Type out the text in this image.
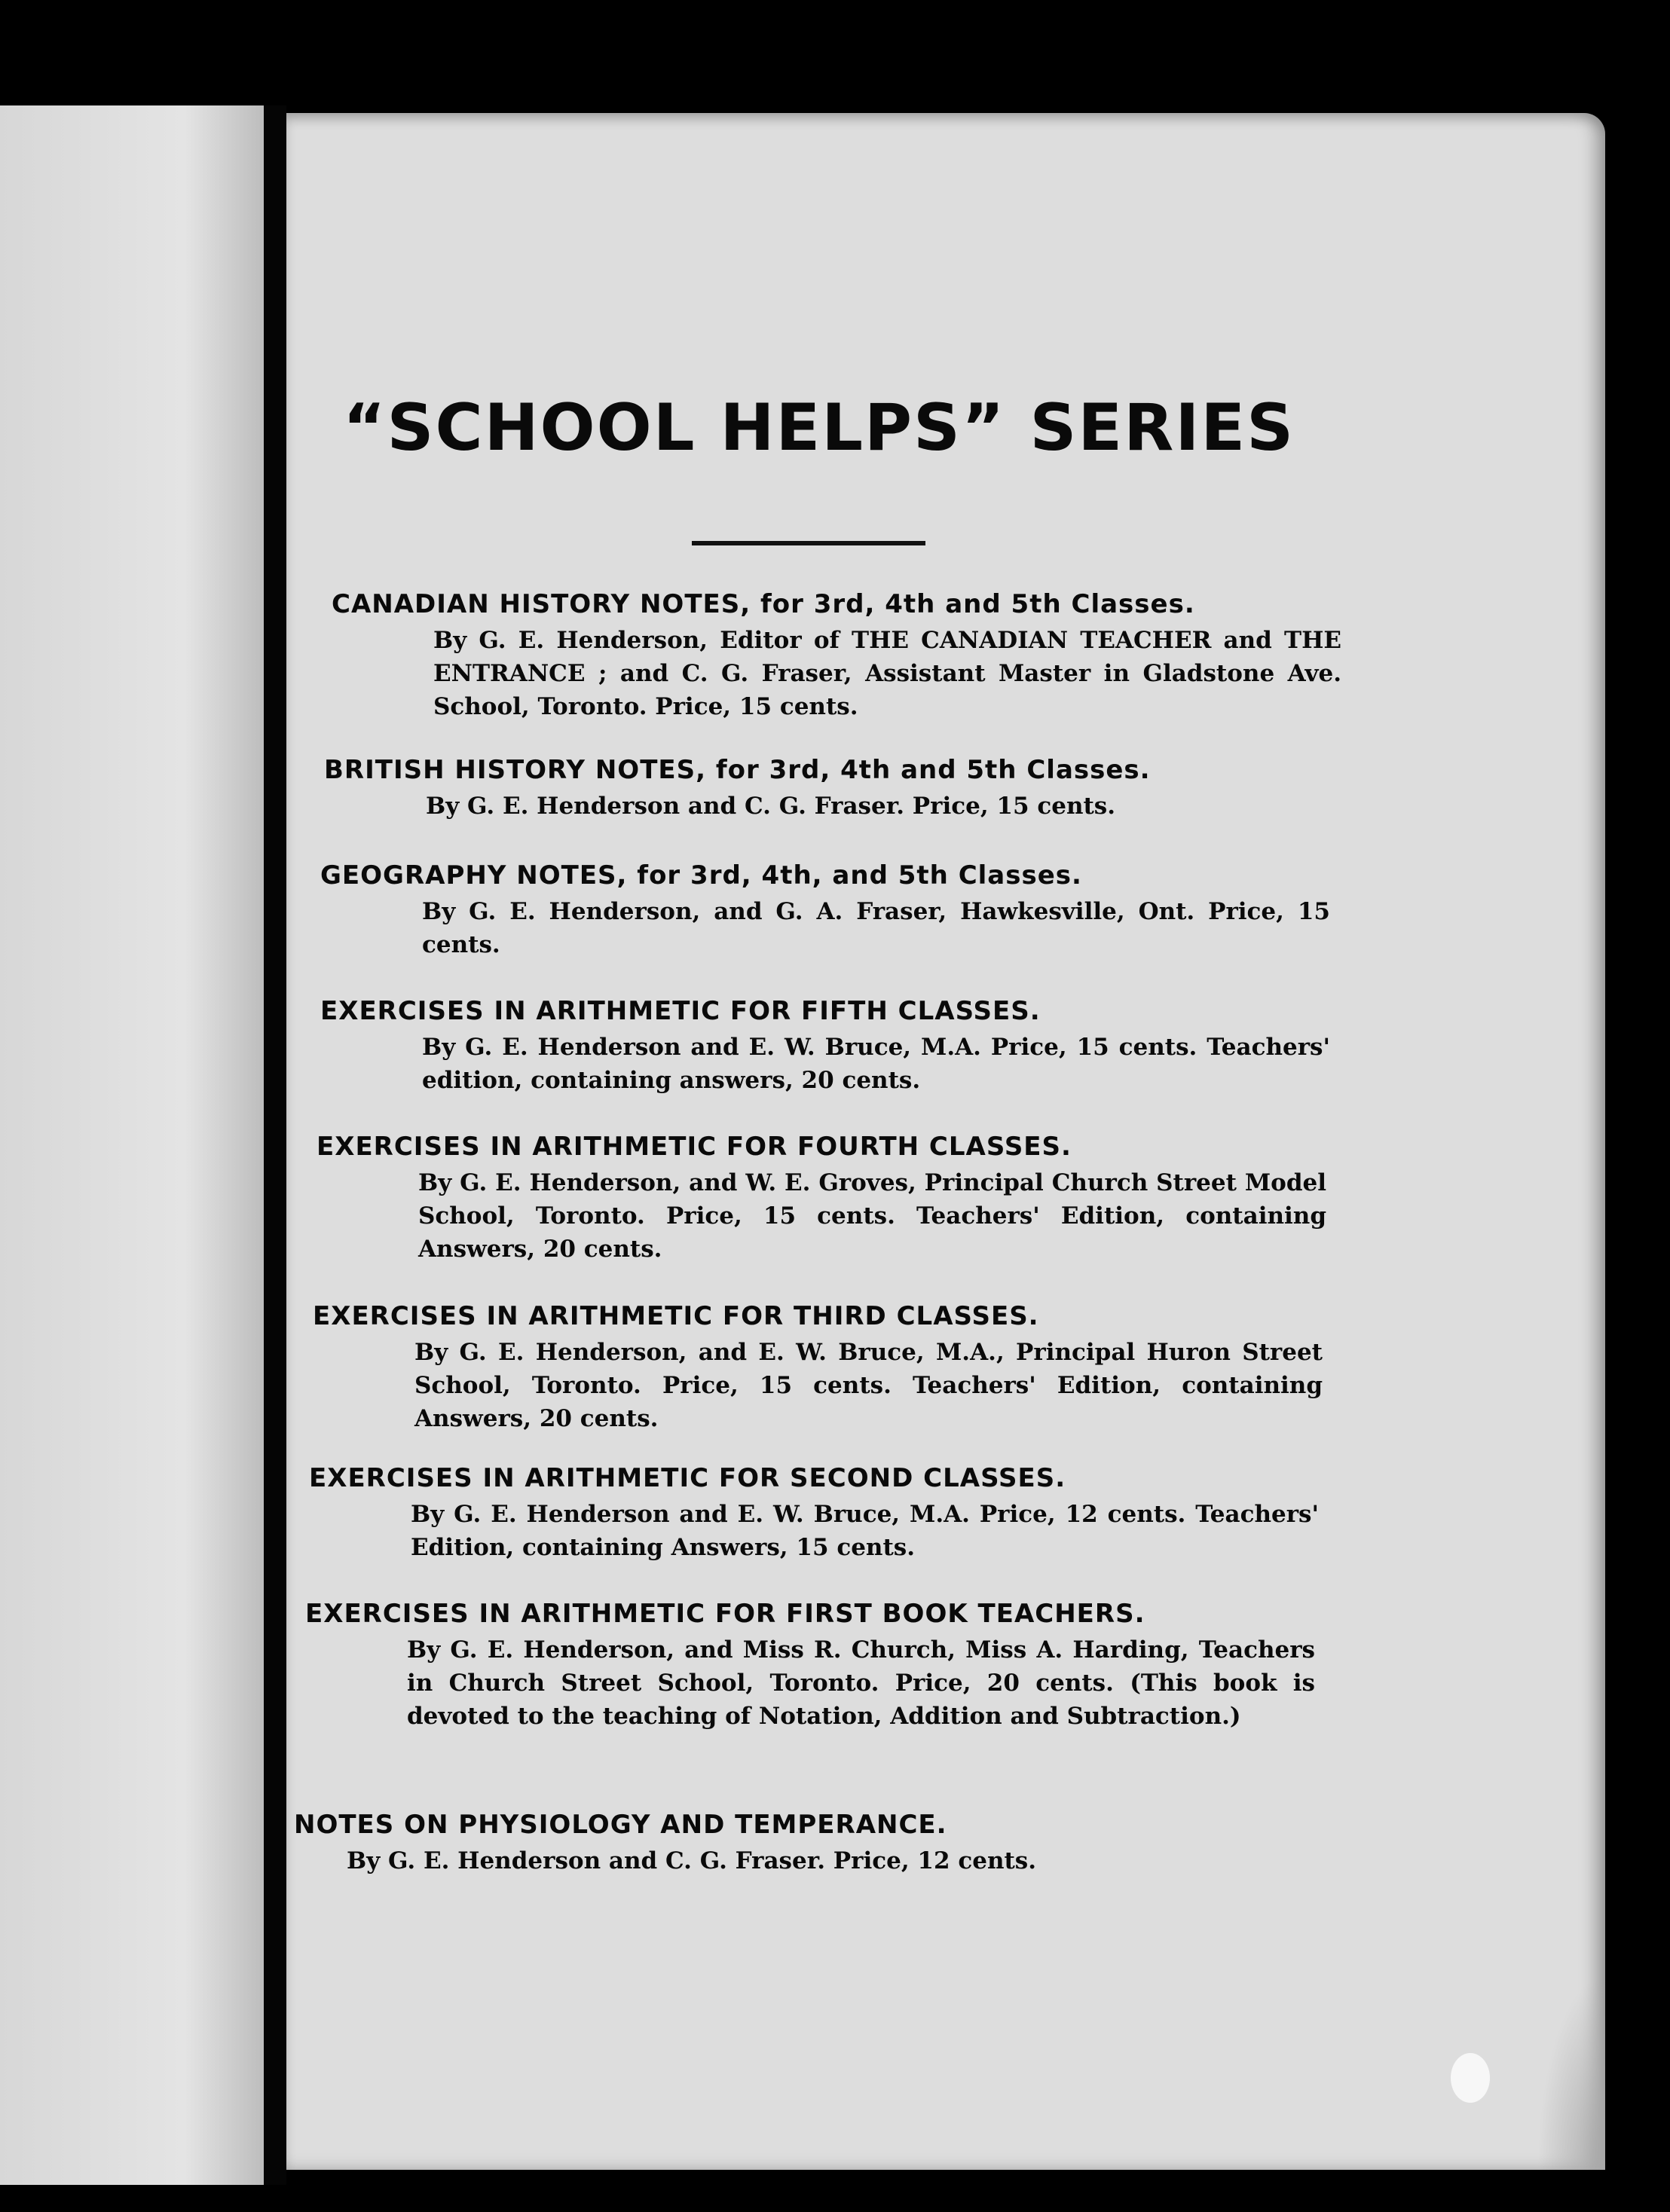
“SCHOOL HELPS” SERIES

CANADIAN HISTORY NOTES, for 3rd, 4th and 5th Classes.

By G. E. Henderson, Editor of THE CANADIAN TEACHER and THE ENTRANCE ; and C. G. Fraser, Assistant Master in Gladstone Ave. School, Toronto. Price, 15 cents.

BRITISH HISTORY NOTES, for 3rd, 4th and 5th Classes.

By G. E. Henderson and C. G. Fraser. Price, 15 cents.

GEOGRAPHY NOTES, for 3rd, 4th, and 5th Classes.

By G. E. Henderson, and G. A. Fraser, Hawkesville, Ont. Price, 15 cents.

EXERCISES IN ARITHMETIC FOR FIFTH CLASSES.

By G. E. Henderson and E. W. Bruce, M.A. Price, 15 cents. Teachers' edition, containing answers, 20 cents.

EXERCISES IN ARITHMETIC FOR FOURTH CLASSES.

By G. E. Henderson, and W. E. Groves, Principal Church Street Model School, Toronto. Price, 15 cents. Teachers' Edition, containing Answers, 20 cents.

EXERCISES IN ARITHMETIC FOR THIRD CLASSES.

By G. E. Henderson, and E. W. Bruce, M.A., Principal Huron Street School, Toronto. Price, 15 cents. Teachers' Edition, containing Answers, 20 cents.

EXERCISES IN ARITHMETIC FOR SECOND CLASSES.

By G. E. Henderson and E. W. Bruce, M.A. Price, 12 cents. Teachers' Edition, containing Answers, 15 cents.

EXERCISES IN ARITHMETIC FOR FIRST BOOK TEACHERS.

By G. E. Henderson, and Miss R. Church, Miss A. Harding, Teachers in Church Street School, Toronto. Price, 20 cents. (This book is devoted to the teaching of Notation, Addition and Subtraction.)

NOTES ON PHYSIOLOGY AND TEMPERANCE.

By G. E. Henderson and C. G. Fraser. Price, 12 cents.
